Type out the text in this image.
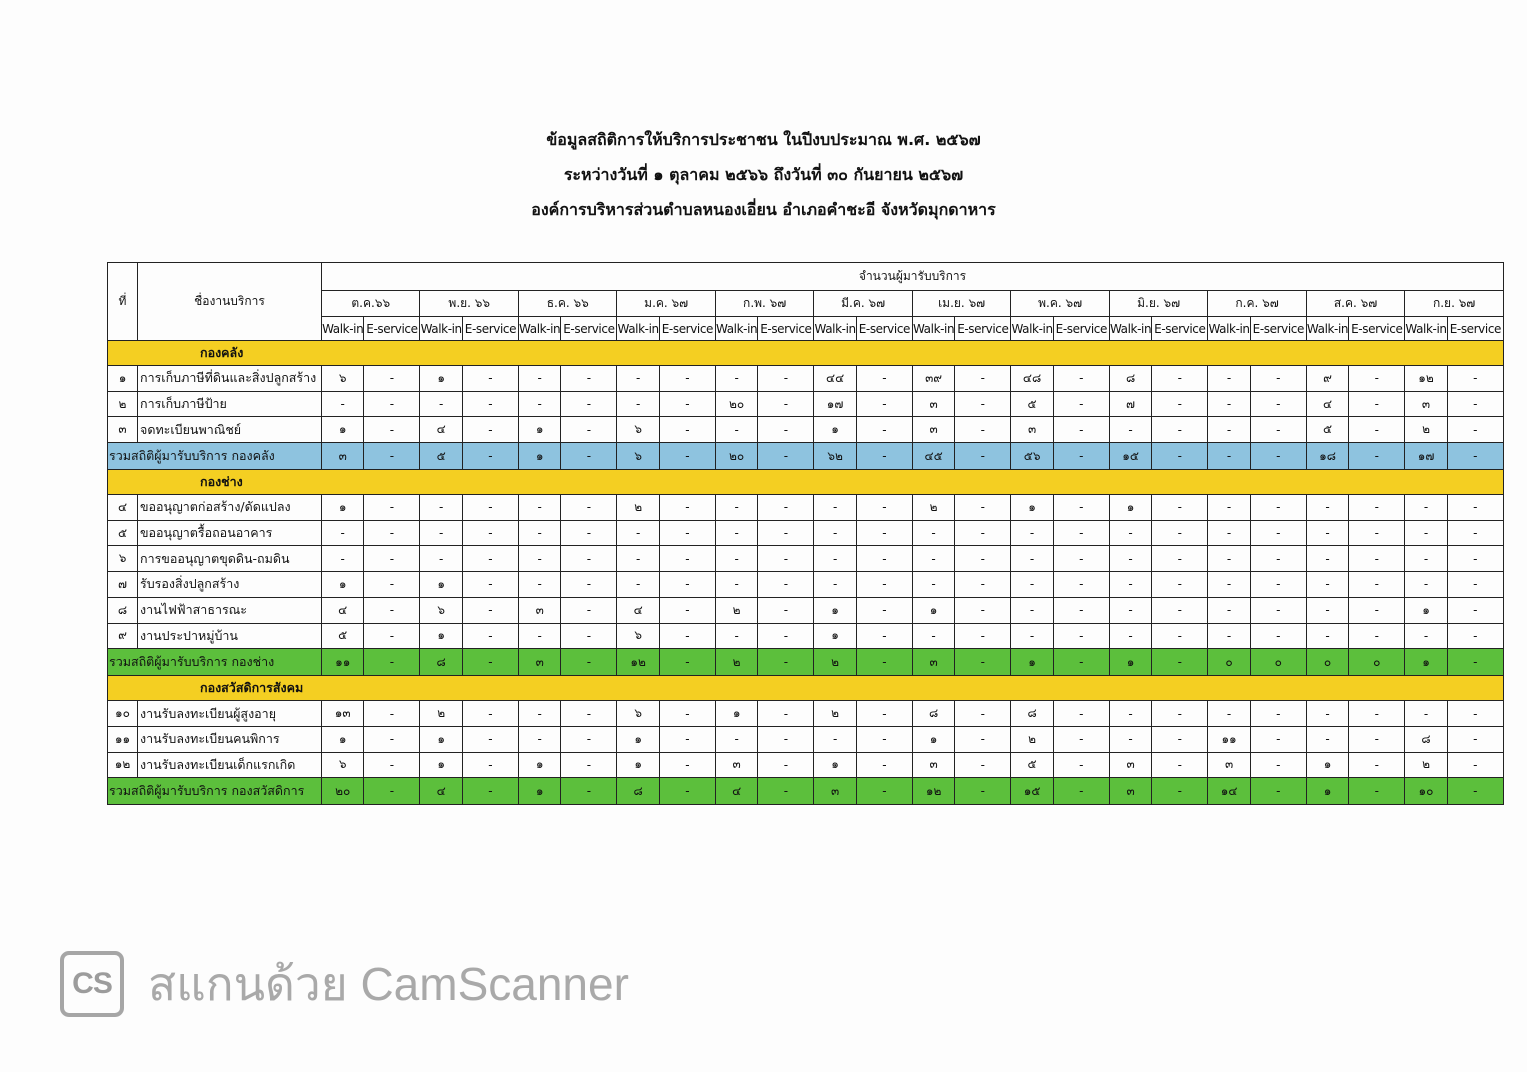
ข้อมูลสถิติการให้บริการประชาชน ในปีงบประมาณ พ.ศ. ๒๕๖๗
ระหว่างวันที่ ๑ ตุลาคม ๒๕๖๖ ถึงวันที่ ๓๐ กันยายน ๒๕๖๗
องค์การบริหารส่วนตำบลหนองเอี่ยน อำเภอคำชะอี จังหวัดมุกดาหาร
ที่	ชื่องานบริการ	จำนวนผู้มารับบริการ																							
		ต.ค.๖๖		พ.ย. ๖๖		ธ.ค. ๖๖		ม.ค. ๖๗		ก.พ. ๖๗		มี.ค. ๖๗		เม.ย. ๖๗		พ.ค. ๖๗		มิ.ย. ๖๗		ก.ค. ๖๗		ส.ค. ๖๗		ก.ย. ๖๗	
		Walk-in	E-service	Walk-in	E-service	Walk-in	E-service	Walk-in	E-service	Walk-in	E-service	Walk-in	E-service	Walk-in	E-service	Walk-in	E-service	Walk-in	E-service	Walk-in	E-service	Walk-in	E-service	Walk-in	E-service
กองคลัง																									
๑	การเก็บภาษีที่ดินและสิ่งปลูกสร้าง	๖	-	๑	-	-	-	-	-	-	-	๔๔	-	๓๙	-	๔๘	-	๘	-	-	-	๙	-	๑๒	-
๒	การเก็บภาษีป้าย	-	-	-	-	-	-	-	-	๒๐	-	๑๗	-	๓	-	๕	-	๗	-	-	-	๔	-	๓	-
๓	จดทะเบียนพาณิชย์	๑	-	๔	-	๑	-	๖	-	-	-	๑	-	๓	-	๓	-	-	-	-	-	๕	-	๒	-
รวมสถิติผู้มารับบริการ กองคลัง		๓	-	๕	-	๑	-	๖	-	๒๐	-	๖๒	-	๔๕	-	๕๖	-	๑๕	-	-	-	๑๘	-	๑๗	-
กองช่าง																									
๔	ขออนุญาตก่อสร้าง/ดัดแปลง	๑	-	-	-	-	-	๒	-	-	-	-	-	๒	-	๑	-	๑	-	-	-	-	-	-	-
๕	ขออนุญาตรื้อถอนอาคาร	-	-	-	-	-	-	-	-	-	-	-	-	-	-	-	-	-	-	-	-	-	-	-	-
๖	การขออนุญาตขุดดิน-ถมดิน	-	-	-	-	-	-	-	-	-	-	-	-	-	-	-	-	-	-	-	-	-	-	-	-
๗	รับรองสิ่งปลูกสร้าง	๑	-	๑	-	-	-	-	-	-	-	-	-	-	-	-	-	-	-	-	-	-	-	-	-
๘	งานไฟฟ้าสาธารณะ	๔	-	๖	-	๓	-	๔	-	๒	-	๑	-	๑	-	-	-	-	-	-	-	-	-	๑	-
๙	งานประปาหมู่บ้าน	๕	-	๑	-	-	-	๖	-	-	-	๑	-	-	-	-	-	-	-	-	-	-	-	-	-
รวมสถิติผู้มารับบริการ กองช่าง		๑๑	-	๘	-	๓	-	๑๒	-	๒	-	๒	-	๓	-	๑	-	๑	-	๐	๐	๐	๐	๑	-
กองสวัสดิการสังคม																									
๑๐	งานรับลงทะเบียนผู้สูงอายุ	๑๓	-	๒	-	-	-	๖	-	๑	-	๒	-	๘	-	๘	-	-	-	-	-	-	-	-	-
๑๑	งานรับลงทะเบียนคนพิการ	๑	-	๑	-	-	-	๑	-	-	-	-	-	๑	-	๒	-	-	-	๑๑	-	-	-	๘	-
๑๒	งานรับลงทะเบียนเด็กแรกเกิด	๖	-	๑	-	๑	-	๑	-	๓	-	๑	-	๓	-	๕	-	๓	-	๓	-	๑	-	๒	-
รวมสถิติผู้มารับบริการ กองสวัสดิการ		๒๐	-	๔	-	๑	-	๘	-	๔	-	๓	-	๑๒	-	๑๕	-	๓	-	๑๔	-	๑	-	๑๐	-
CS สแกนด้วย CamScanner
